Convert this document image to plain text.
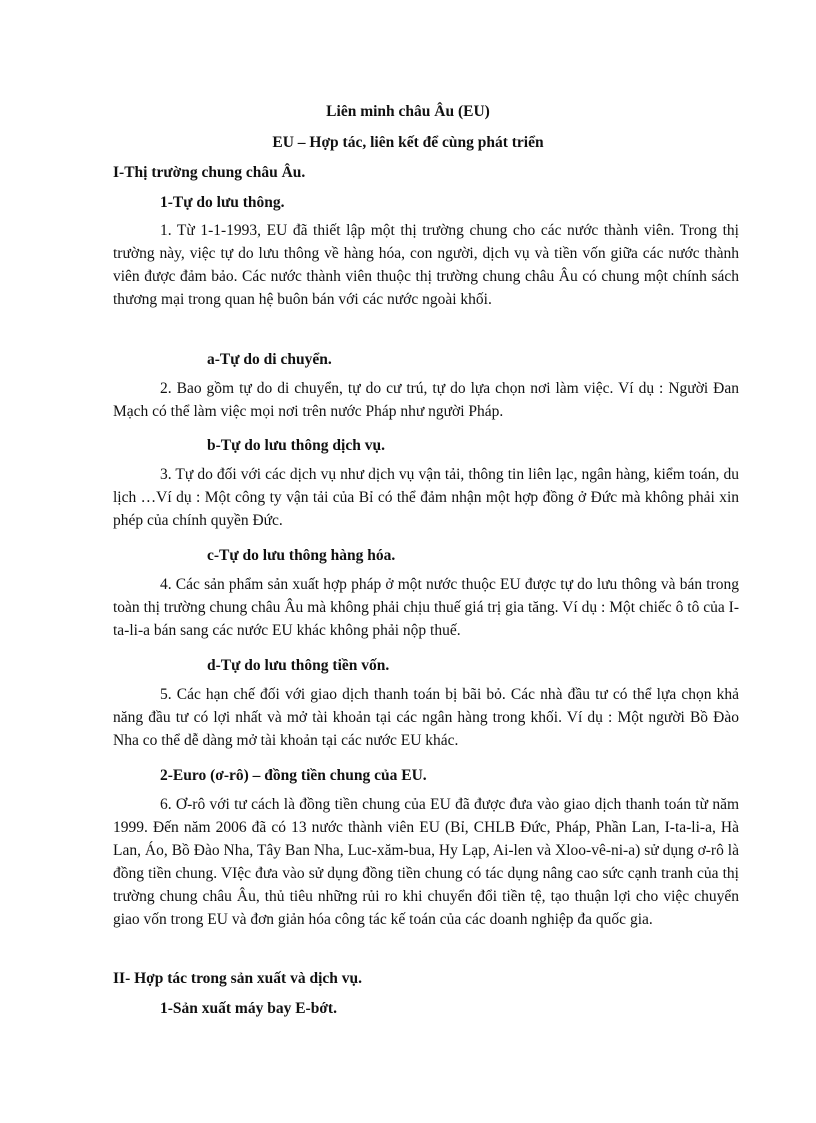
Liên minh châu Âu (EU)
EU – Hợp tác, liên kết để cùng phát triển
I-Thị trường chung châu Âu.
1-Tự do lưu thông.
1. Từ 1-1-1993, EU đã thiết lập một thị trường chung cho các nước thành viên. Trong thị trường này, việc tự do lưu thông về hàng hóa, con người, dịch vụ và tiền vốn giữa các nước thành viên được đảm bảo. Các nước thành viên thuộc thị trường chung châu Âu có chung một chính sách thương mại trong quan hệ buôn bán với các nước ngoài khối.
a-Tự do di chuyển.
2. Bao gồm tự do di chuyển, tự do cư trú, tự do lựa chọn nơi làm việc. Ví dụ : Người Đan Mạch có thể làm việc mọi nơi trên nước Pháp như người Pháp.
b-Tự do lưu thông dịch vụ.
3. Tự do đối với các dịch vụ như dịch vụ vận tải, thông tin liên lạc, ngân hàng, kiểm toán, du lịch …Ví dụ : Một công ty vận tải của Bỉ có thể đảm nhận một hợp đồng ở Đức mà không phải xin phép của chính quyền Đức.
c-Tự do lưu thông hàng hóa.
4. Các sản phẩm sản xuất hợp pháp ở một nước thuộc EU được tự do lưu thông và bán trong toàn thị trường chung châu Âu mà không phải chịu thuế giá trị gia tăng. Ví dụ : Một chiếc ô tô của I-ta-li-a bán sang các nước EU khác không phải nộp thuế.
d-Tự do lưu thông tiền vốn.
5. Các hạn chế đối với giao dịch thanh toán bị bãi bỏ. Các nhà đầu tư có thể lựa chọn khả năng đầu tư có lợi nhất và mở tài khoản tại các ngân hàng trong khối. Ví dụ : Một người Bồ Đào Nha co thể dễ dàng mở tài khoản tại các nước EU khác.
2-Euro (ơ-rô) – đồng tiền chung của EU.
6. Ơ-rô với tư cách là đồng tiền chung của EU đã được đưa vào giao dịch thanh toán từ năm 1999. Đến năm 2006 đã có 13 nước thành viên EU (Bỉ, CHLB Đức, Pháp, Phần Lan, I-ta-li-a, Hà Lan, Áo, Bồ Đào Nha, Tây Ban Nha, Luc-xăm-bua, Hy Lạp, Ai-len và Xloo-vê-ni-a) sử dụng ơ-rô là đồng tiền chung. VIệc đưa vào sử dụng đồng tiền chung có tác dụng nâng cao sức cạnh tranh của thị trường chung châu Âu, thủ tiêu những rủi ro khi chuyển đổi tiền tệ, tạo thuận lợi cho việc chuyển giao vốn trong EU và đơn giản hóa công tác kế toán của các doanh nghiệp đa quốc gia.
II- Hợp tác trong sản xuất và dịch vụ.
1-Sản xuất máy bay E-bớt.
